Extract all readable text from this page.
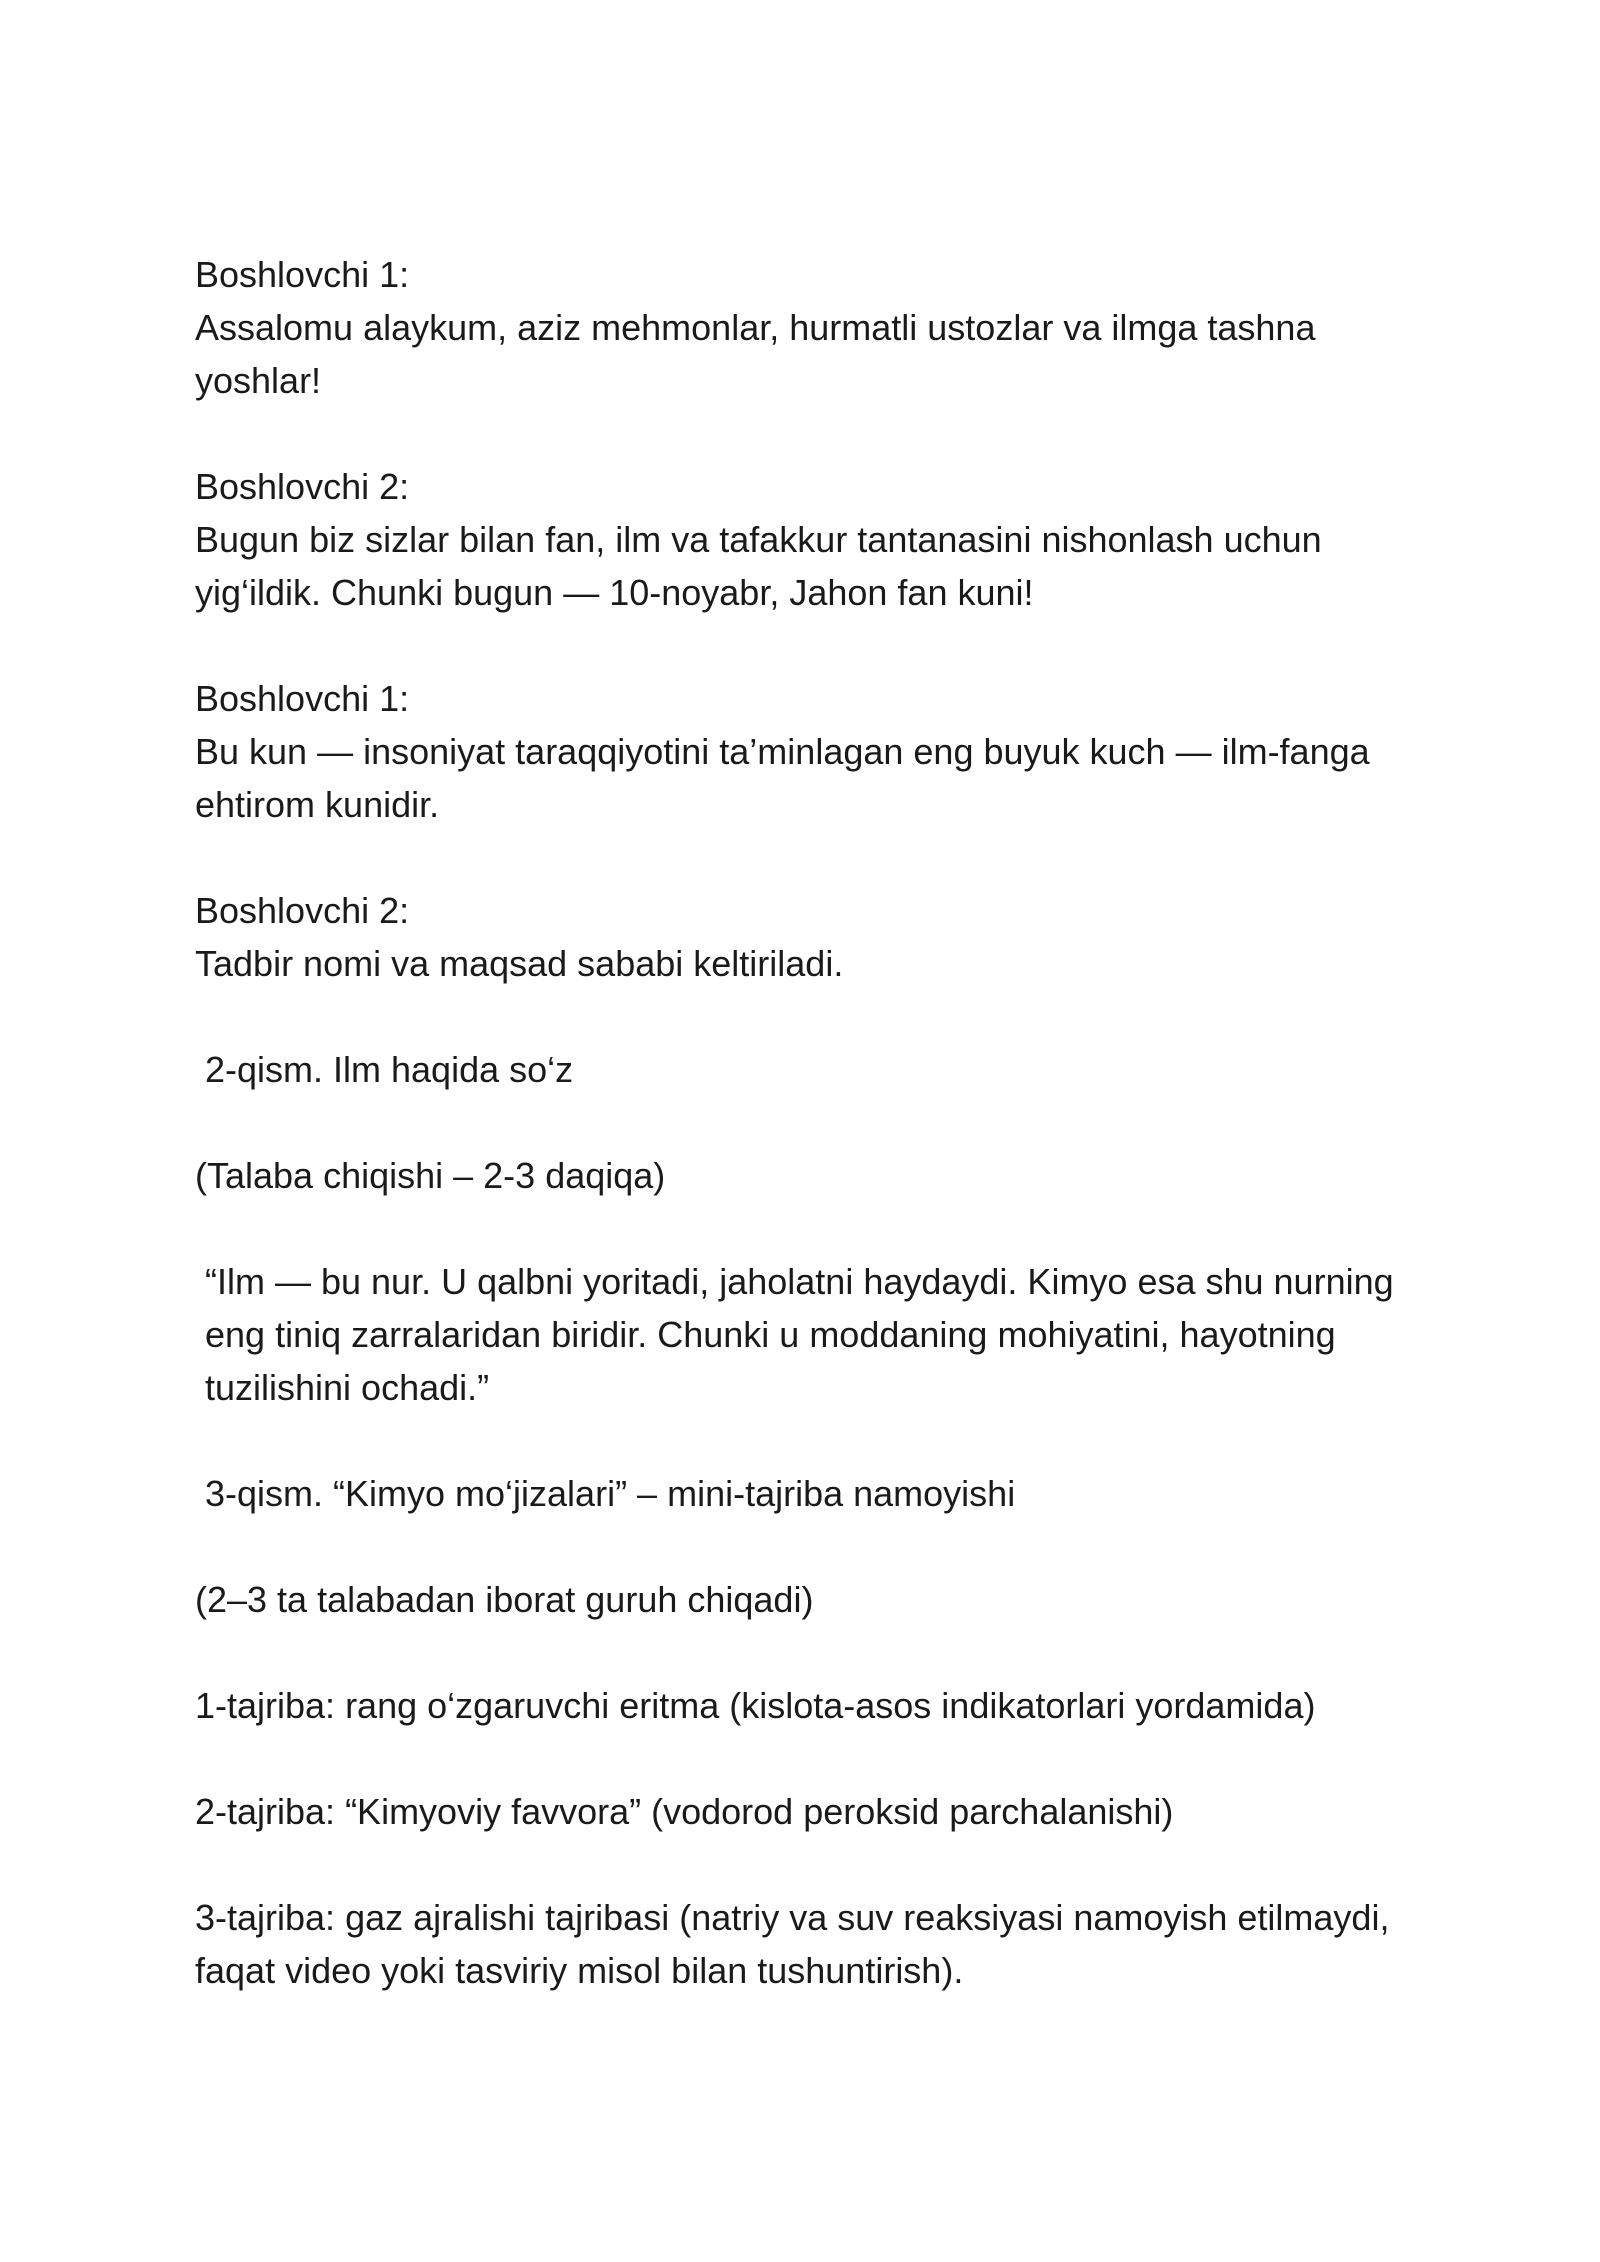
Boshlovchi 1:

Assalomu alaykum, aziz mehmonlar, hurmatli ustozlar va ilmga tashna yoshlar!

Boshlovchi 2:

Bugun biz sizlar bilan fan, ilm va tafakkur tantanasini nishonlash uchun yig‘ildik. Chunki bugun — 10-noyabr, Jahon fan kuni!

Boshlovchi 1:

Bu kun — insoniyat taraqqiyotini ta’minlagan eng buyuk kuch — ilm-fanga ehtirom kunidir.

Boshlovchi 2:

Tadbir nomi va maqsad sababi keltiriladi.

2-qism. Ilm haqida so‘z

(Talaba chiqishi – 2-3 daqiqa)

“Ilm — bu nur. U qalbni yoritadi, jaholatni haydaydi. Kimyo esa shu nurning eng tiniq zarralaridan biridir. Chunki u moddaning mohiyatini, hayotning tuzilishini ochadi.”

3-qism. “Kimyo mo‘jizalari” – mini-tajriba namoyishi

(2–3 ta talabadan iborat guruh chiqadi)

1-tajriba: rang o‘zgaruvchi eritma (kislota-asos indikatorlari yordamida)

2-tajriba: “Kimyoviy favvora” (vodorod peroksid parchalanishi)

3-tajriba: gaz ajralishi tajribasi (natriy va suv reaksiyasi namoyish etilmaydi, faqat video yoki tasviriy misol bilan tushuntirish).
